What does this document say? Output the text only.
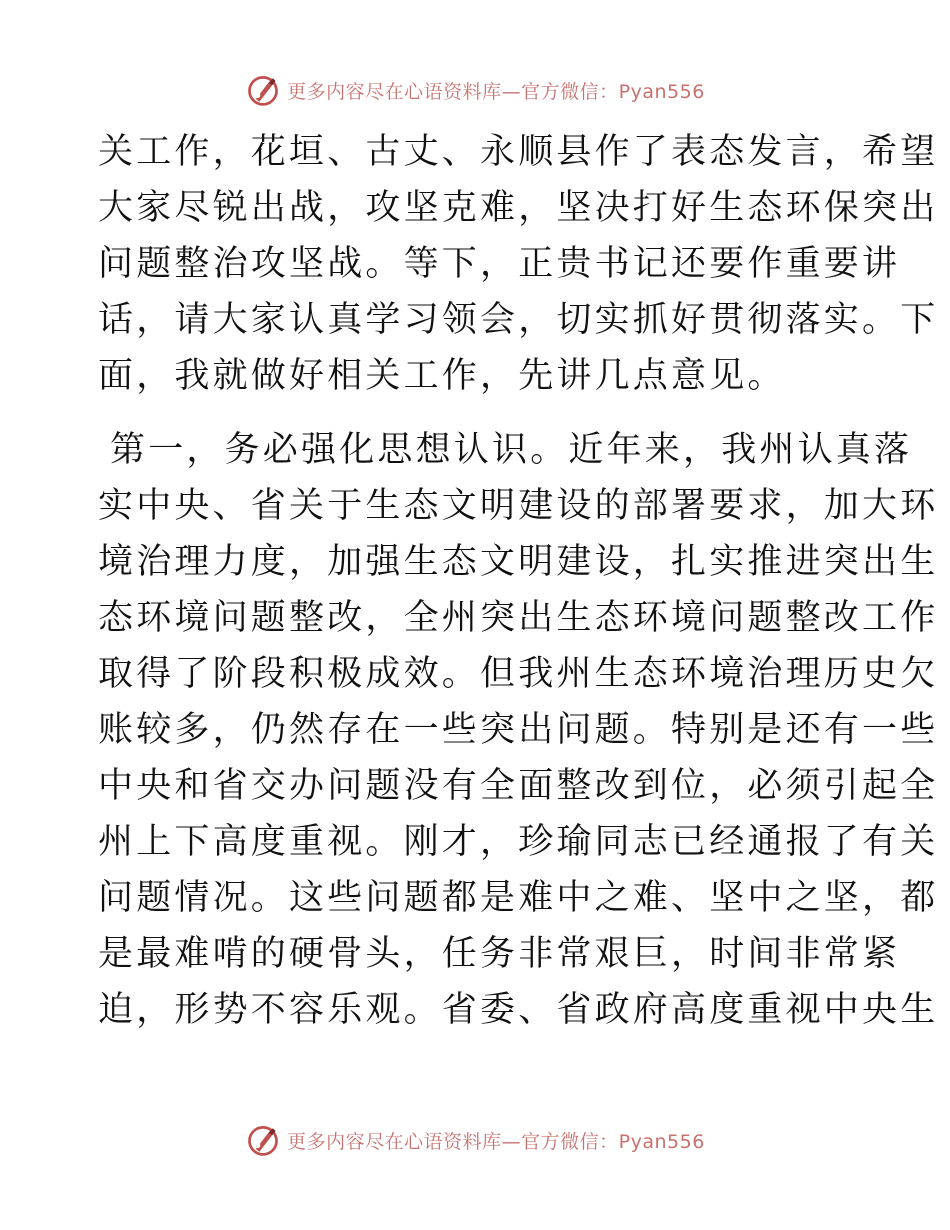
更多内容尽在心语资料库—官方微信：Pyan556
关工作，花垣、古丈、永顺县作了表态发言，希望
大家尽锐出战，攻坚克难，坚决打好生态环保突出
问题整治攻坚战。等下，正贵书记还要作重要讲
话，请大家认真学习领会，切实抓好贯彻落实。下
面，我就做好相关工作，先讲几点意见。
第一，务必强化思想认识。近年来，我州认真落
实中央、省关于生态文明建设的部署要求，加大环
境治理力度，加强生态文明建设，扎实推进突出生
态环境问题整改，全州突出生态环境问题整改工作
取得了阶段积极成效。但我州生态环境治理历史欠
账较多，仍然存在一些突出问题。特别是还有一些
中央和省交办问题没有全面整改到位，必须引起全
州上下高度重视。刚才，珍瑜同志已经通报了有关
问题情况。这些问题都是难中之难、坚中之坚，都
是最难啃的硬骨头，任务非常艰巨，时间非常紧
迫，形势不容乐观。省委、省政府高度重视中央生
更多内容尽在心语资料库—官方微信：Pyan556
